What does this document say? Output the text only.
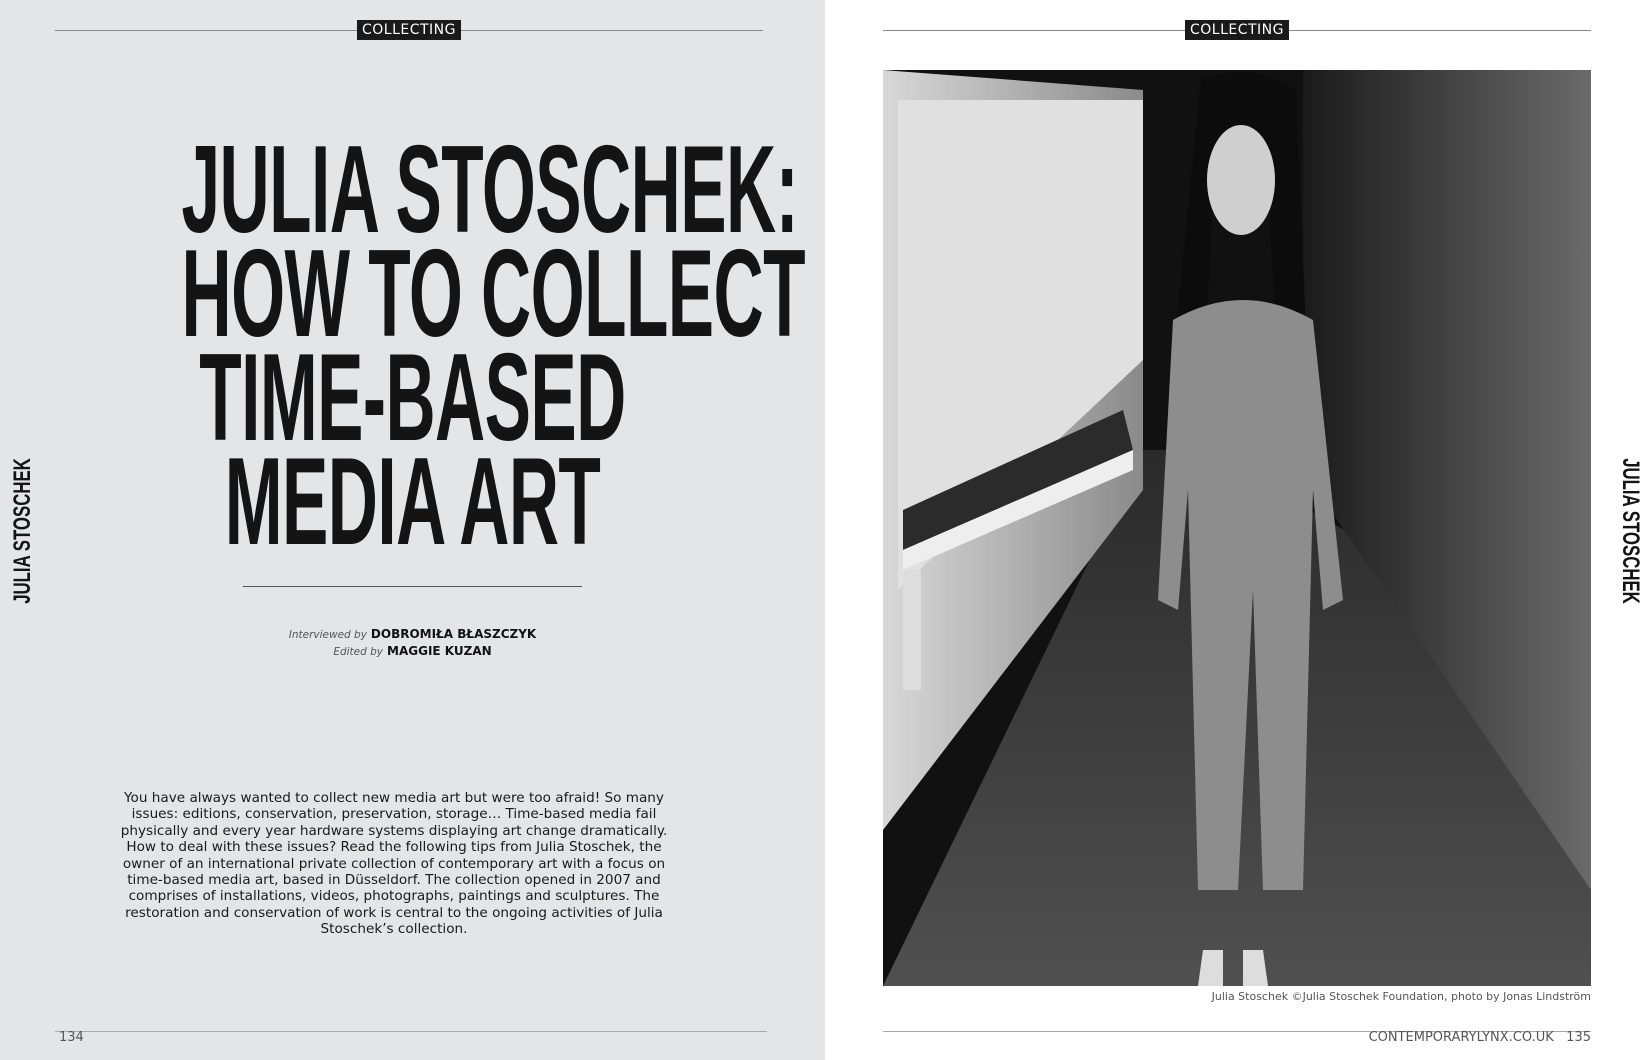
COLLECTING
JULIA STOSCHEK:
HOW TO COLLECT
TIME-BASED
MEDIA ART
Interviewed by DOBROMIŁA BŁASZCZYK
Edited by MAGGIE KUZAN

You have always wanted to collect new media art but were too afraid! So many issues: editions, conservation, preservation, storage… Time-based media fail physically and every year hardware systems displaying art change dramatically. How to deal with these issues? Read the following tips from Julia Stoschek, the owner of an international private collection of contemporary art with a focus on time-based media art, based in Düsseldorf. The collection opened in 2007 and comprises of installations, videos, photographs, paintings and sculptures. The restoration and conservation of work is central to the ongoing activities of Julia Stoschek’s collection.

JULIA STOSCHEK
134
COLLECTING
Julia Stoschek ©Julia Stoschek Foundation, photo by Jonas Lindström
JULIA STOSCHEK
CONTEMPORARYLYNX.CO.UK 135
